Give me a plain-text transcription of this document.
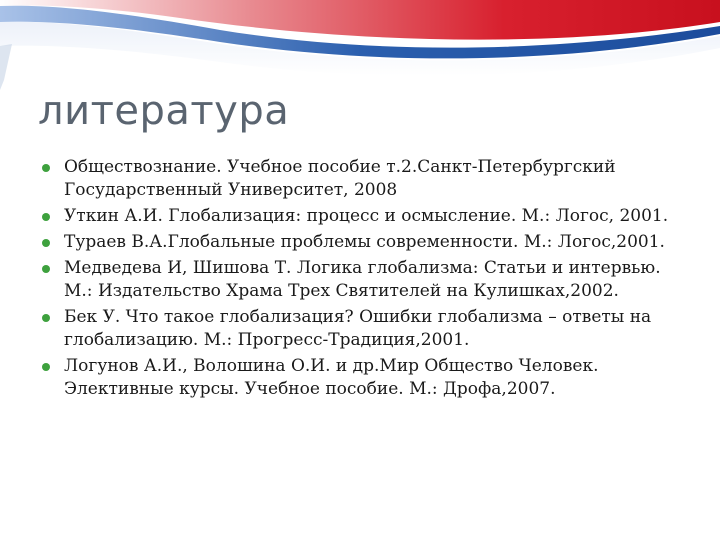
литература
Обществознание. Учебное пособие т.2.Санкт-Петербургский Государственный Университет, 2008
Уткин А.И. Глобализация: процесс и осмысление. М.: Логос, 2001.
Тураев В.А.Глобальные проблемы современности. М.: Логос,2001.
Медведева И, Шишова Т. Логика глобализма: Статьи и интервью. М.: Издательство Храма Трех Святителей на Кулишках,2002.
Бек У. Что такое глобализация? Ошибки глобализма – ответы на глобализацию. М.: Прогресс-Традиция,2001.
Логунов А.И., Волошина О.И. и др.Мир Общество Человек. Элективные курсы. Учебное пособие. М.: Дрофа,2007.
